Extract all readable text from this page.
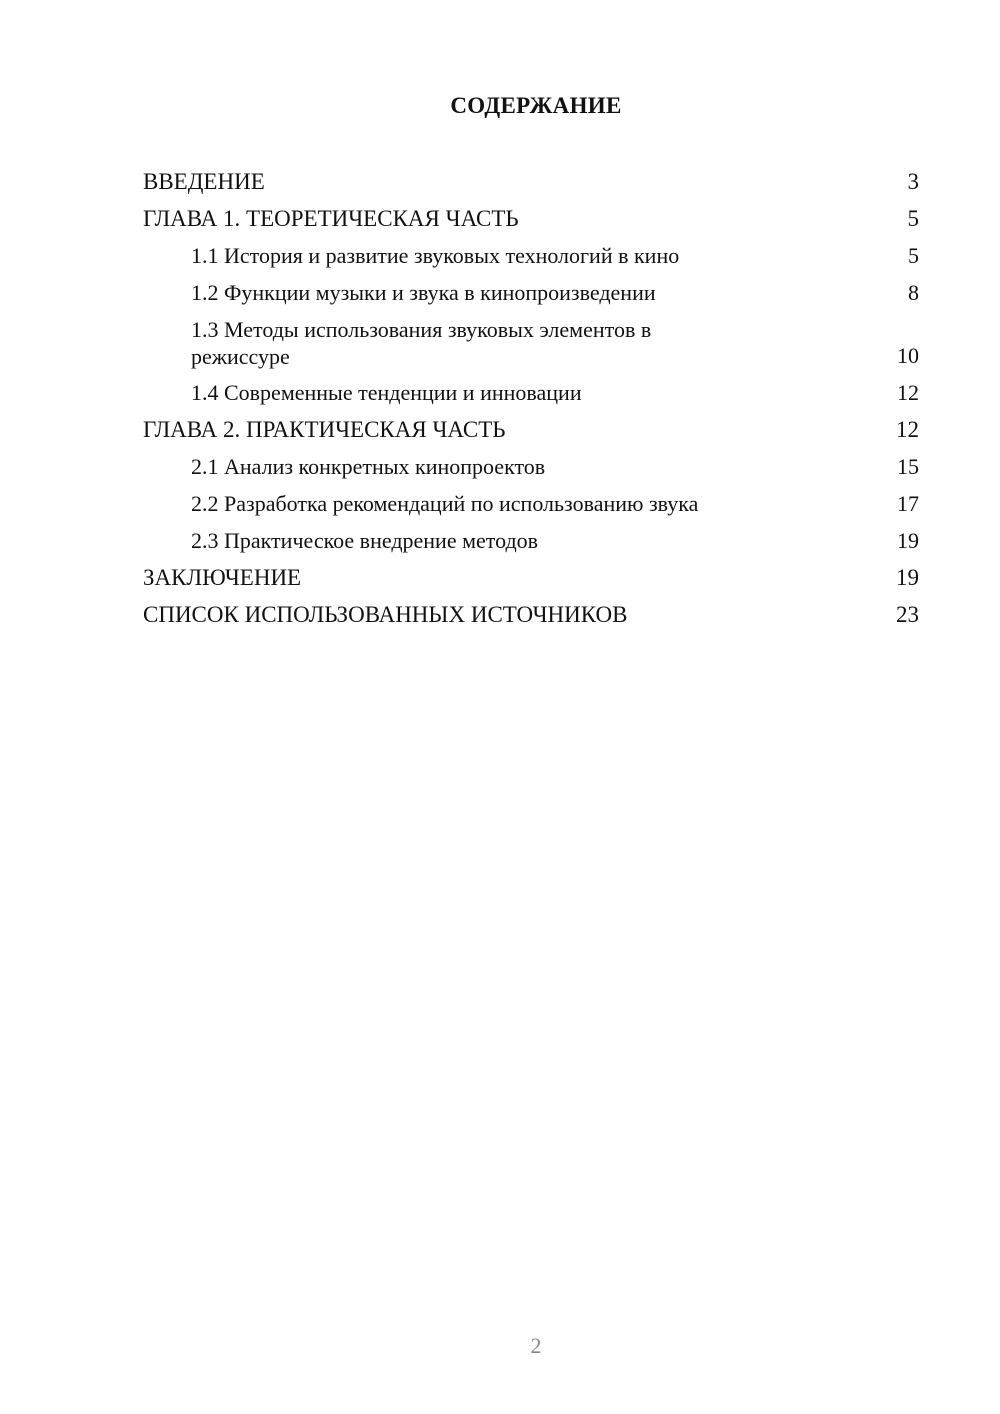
СОДЕРЖАНИЕ
ВВЕДЕНИЕ	3
ГЛАВА 1. ТЕОРЕТИЧЕСКАЯ ЧАСТЬ	5
1.1 История и развитие звуковых технологий в кино	5
1.2 Функции музыки и звука в кинопроизведении	8
1.3 Методы использования звуковых элементов в режиссуре	10
1.4 Современные тенденции и инновации	12
ГЛАВА 2. ПРАКТИЧЕСКАЯ ЧАСТЬ	12
2.1 Анализ конкретных кинопроектов	15
2.2 Разработка рекомендаций по использованию звука	17
2.3 Практическое внедрение методов	19
ЗАКЛЮЧЕНИЕ	19
СПИСОК ИСПОЛЬЗОВАННЫХ ИСТОЧНИКОВ	23
2
